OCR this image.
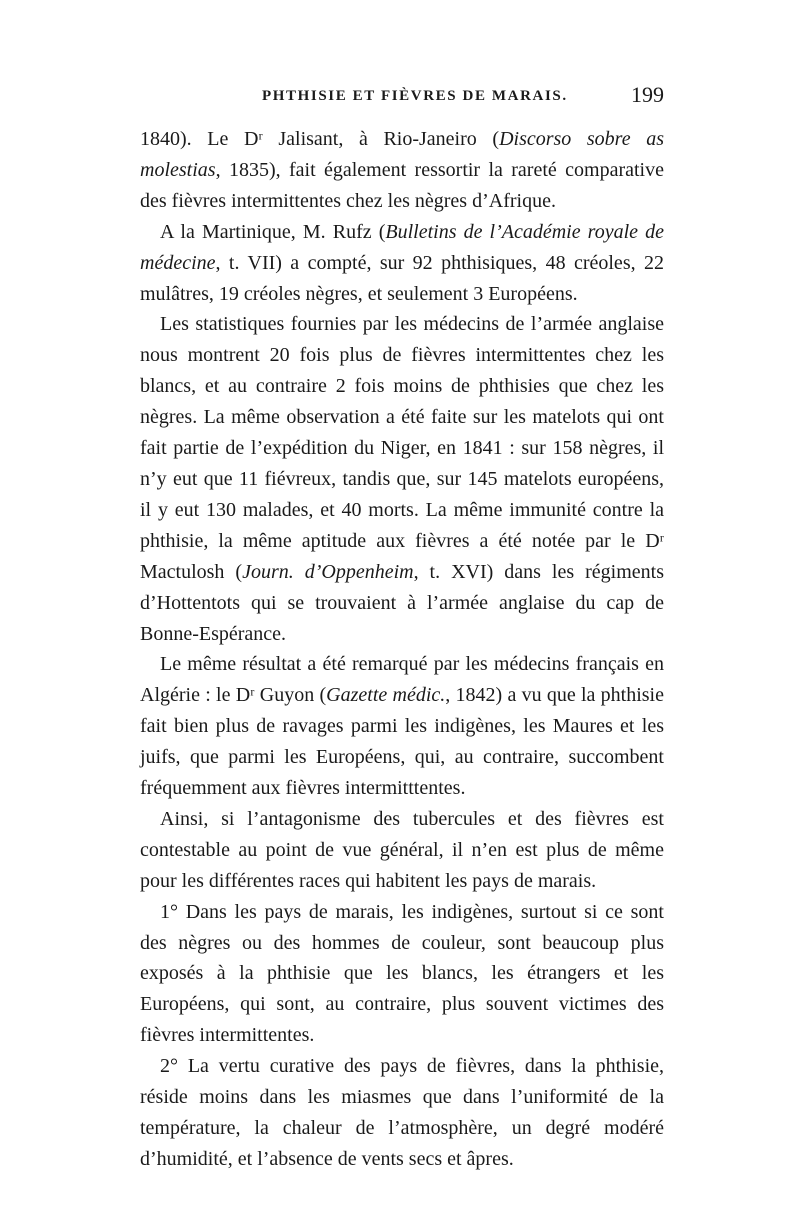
PHTHISIE ET FIÈVRES DE MARAIS.	199

1840). Le Dʳ Jalisant, à Rio-Janeiro (Discorso sobre as molestias, 1835), fait également ressortir la rareté comparative des fièvres intermittentes chez les nègres d’Afrique.

A la Martinique, M. Rufz (Bulletins de l’Académie royale de médecine, t. VII) a compté, sur 92 phthisiques, 48 créoles, 22 mulâtres, 19 créoles nègres, et seulement 3 Européens.

Les statistiques fournies par les médecins de l’armée anglaise nous montrent 20 fois plus de fièvres intermittentes chez les blancs, et au contraire 2 fois moins de phthisies que chez les nègres. La même observation a été faite sur les matelots qui ont fait partie de l’expédition du Niger, en 1841 : sur 158 nègres, il n’y eut que 11 fiévreux, tandis que, sur 145 matelots européens, il y eut 130 malades, et 40 morts. La même immunité contre la phthisie, la même aptitude aux fièvres a été notée par le Dʳ Mactulosh (Journ. d’Oppenheim, t. XVI) dans les régiments d’Hottentots qui se trouvaient à l’armée anglaise du cap de Bonne-Espérance.

Le même résultat a été remarqué par les médecins français en Algérie : le Dʳ Guyon (Gazette médic., 1842) a vu que la phthisie fait bien plus de ravages parmi les indigènes, les Maures et les juifs, que parmi les Européens, qui, au contraire, succombent fréquemment aux fièvres intermitttentes.

Ainsi, si l’antagonisme des tubercules et des fièvres est contestable au point de vue général, il n’en est plus de même pour les différentes races qui habitent les pays de marais.

1° Dans les pays de marais, les indigènes, surtout si ce sont des nègres ou des hommes de couleur, sont beaucoup plus exposés à la phthisie que les blancs, les étrangers et les Européens, qui sont, au contraire, plus souvent victimes des fièvres intermittentes.

2° La vertu curative des pays de fièvres, dans la phthisie, réside moins dans les miasmes que dans l’uniformité de la température, la chaleur de l’atmosphère, un degré modéré d’humidité, et l’absence de vents secs et âpres.
